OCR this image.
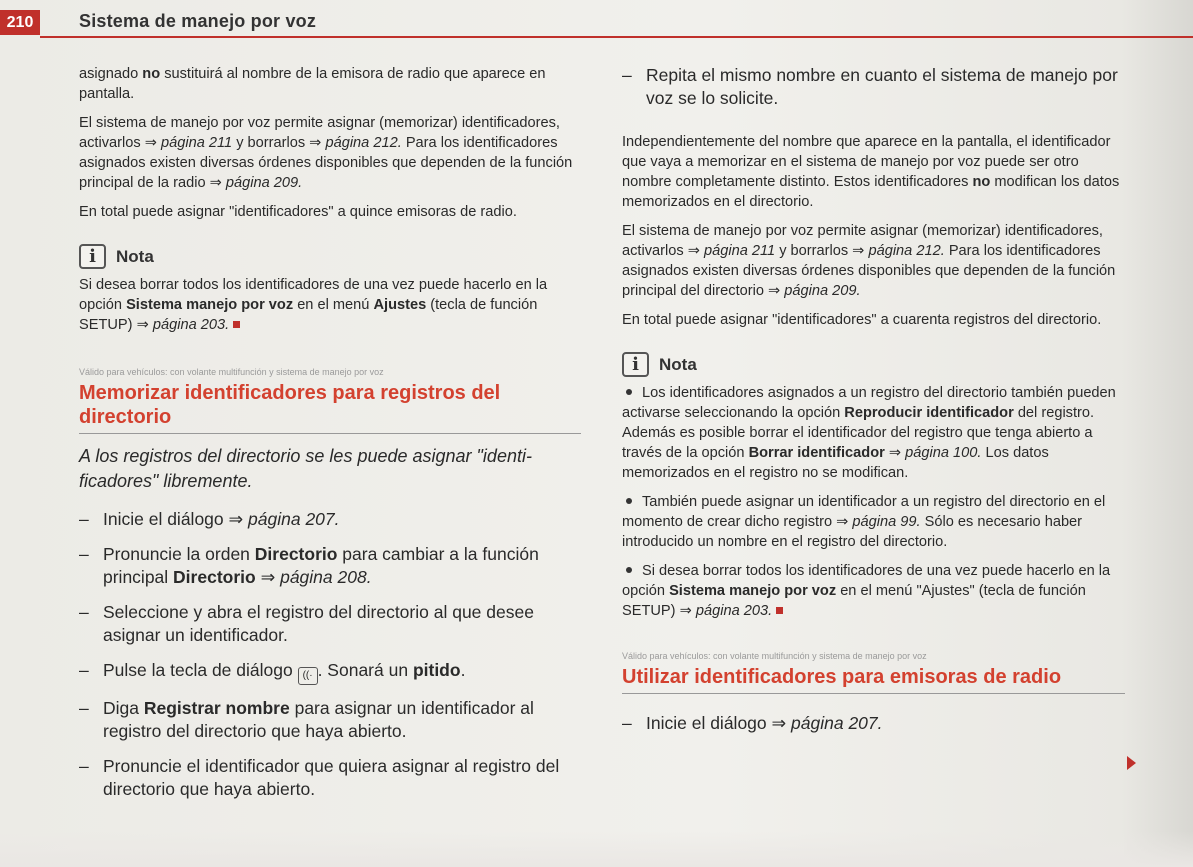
210	Sistema de manejo por voz

asignado no sustituirá al nombre de la emisora de radio que aparece en pantalla.

El sistema de manejo por voz permite asignar (memorizar) identificadores, activarlos ⇒ página 211 y borrarlos ⇒ página 212. Para los identificadores asignados existen diversas órdenes disponibles que dependen de la función principal de la radio ⇒ página 209.

En total puede asignar "identificadores" a quince emisoras de radio.

i Nota

Si desea borrar todos los identificadores de una vez puede hacerlo en la opción Sistema manejo por voz en el menú Ajustes (tecla de función SETUP) ⇒ página 203.

Válido para vehículos: con volante multifunción y sistema de manejo por voz
Memorizar identificadores para registros del directorio

A los registros del directorio se les puede asignar "identificadores" libremente.

– Inicie el diálogo ⇒ página 207.
– Pronuncie la orden Directorio para cambiar a la función principal Directorio ⇒ página 208.
– Seleccione y abra el registro del directorio al que desee asignar un identificador.
– Pulse la tecla de diálogo ((· . Sonará un pitido.
– Diga Registrar nombre para asignar un identificador al registro del directorio que haya abierto.
– Pronuncie el identificador que quiera asignar al registro del directorio que haya abierto.
– Repita el mismo nombre en cuanto el sistema de manejo por voz se lo solicite.

Independientemente del nombre que aparece en la pantalla, el identificador que vaya a memorizar en el sistema de manejo por voz puede ser otro nombre completamente distinto. Estos identificadores no modifican los datos memorizados en el directorio.

El sistema de manejo por voz permite asignar (memorizar) identificadores, activarlos ⇒ página 211 y borrarlos ⇒ página 212. Para los identificadores asignados existen diversas órdenes disponibles que dependen de la función principal del directorio ⇒ página 209.

En total puede asignar "identificadores" a cuarenta registros del directorio.

i Nota

Los identificadores asignados a un registro del directorio también pueden activarse seleccionando la opción Reproducir identificador del registro. Además es posible borrar el identificador del registro que tenga abierto a través de la opción Borrar identificador ⇒ página 100. Los datos memorizados en el registro no se modifican.

También puede asignar un identificador a un registro del directorio en el momento de crear dicho registro ⇒ página 99. Sólo es necesario haber introducido un nombre en el registro del directorio.

Si desea borrar todos los identificadores de una vez puede hacerlo en la opción Sistema manejo por voz en el menú "Ajustes" (tecla de función SETUP) ⇒ página 203.

Válido para vehículos: con volante multifunción y sistema de manejo por voz
Utilizar identificadores para emisoras de radio
– Inicie el diálogo ⇒ página 207.
